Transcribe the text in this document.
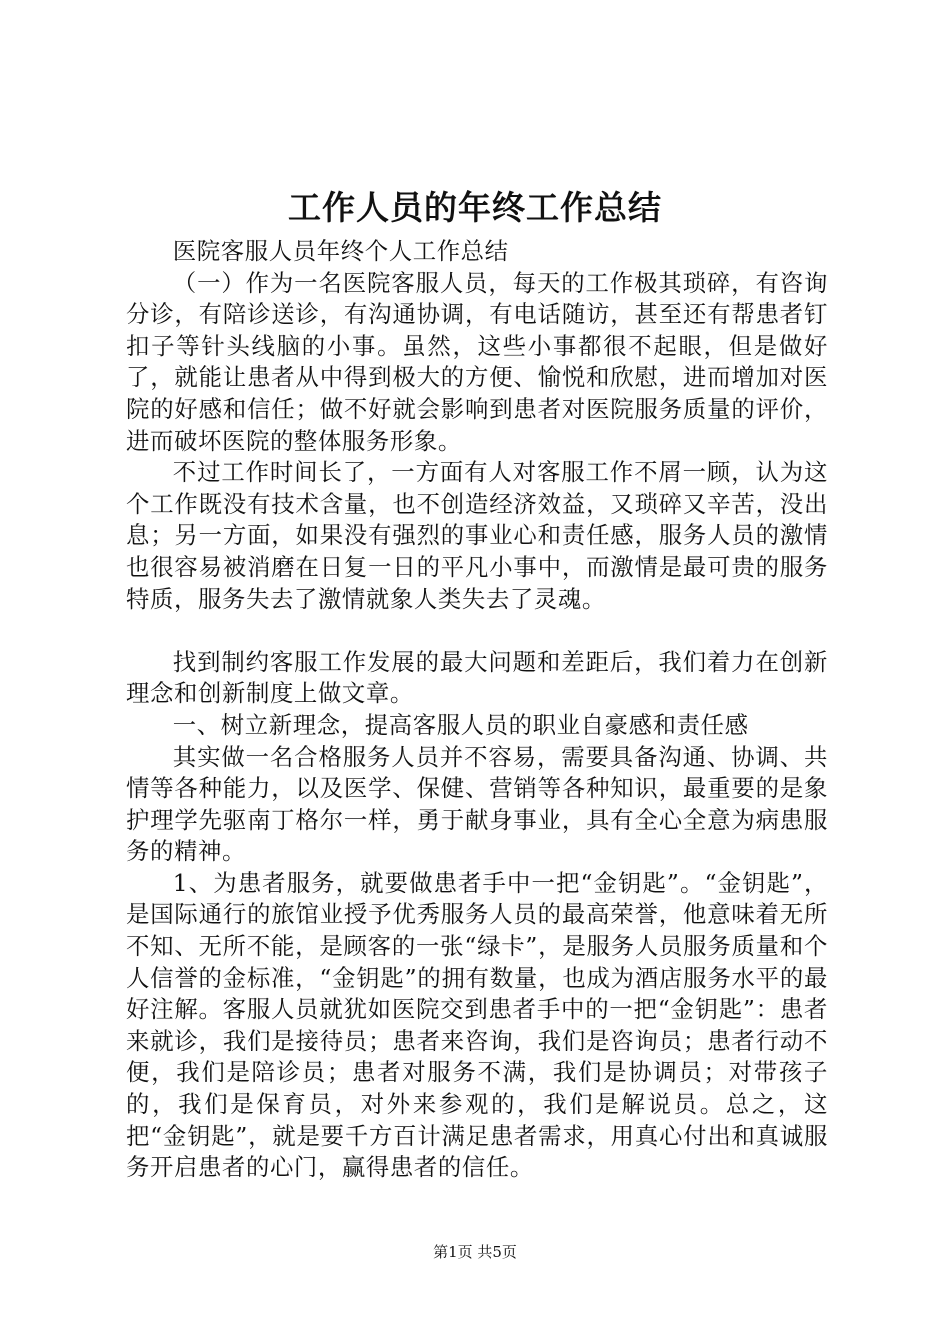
工作人员的年终工作总结

医院客服人员年终个人工作总结

（一）作为一名医院客服人员，每天的工作极其琐碎，有咨询分诊，有陪诊送诊，有沟通协调，有电话随访，甚至还有帮患者钉扣子等针头线脑的小事。虽然，这些小事都很不起眼，但是做好了，就能让患者从中得到极大的方便、愉悦和欣慰，进而增加对医院的好感和信任；做不好就会影响到患者对医院服务质量的评价，进而破坏医院的整体服务形象。

不过工作时间长了，一方面有人对客服工作不屑一顾，认为这个工作既没有技术含量，也不创造经济效益，又琐碎又辛苦，没出息；另一方面，如果没有强烈的事业心和责任感，服务人员的激情也很容易被消磨在日复一日的平凡小事中，而激情是最可贵的服务特质，服务失去了激情就象人类失去了灵魂。

找到制约客服工作发展的最大问题和差距后，我们着力在创新理念和创新制度上做文章。

一、树立新理念，提高客服人员的职业自豪感和责任感

其实做一名合格服务人员并不容易，需要具备沟通、协调、共情等各种能力，以及医学、保健、营销等各种知识，最重要的是象护理学先驱南丁格尔一样，勇于献身事业，具有全心全意为病患服务的精神。

1、为患者服务，就要做患者手中一把“金钥匙”。“金钥匙”，是国际通行的旅馆业授予优秀服务人员的最高荣誉，他意味着无所不知、无所不能，是顾客的一张“绿卡”，是服务人员服务质量和个人信誉的金标准，“金钥匙”的拥有数量，也成为酒店服务水平的最好注解。客服人员就犹如医院交到患者手中的一把“金钥匙”：患者来就诊，我们是接待员；患者来咨询，我们是咨询员；患者行动不便，我们是陪诊员；患者对服务不满，我们是协调员；对带孩子的，我们是保育员，对外来参观的，我们是解说员。总之，这把“金钥匙”，就是要千方百计满足患者需求，用真心付出和真诚服务开启患者的心门，赢得患者的信任。

第1页 共5页
